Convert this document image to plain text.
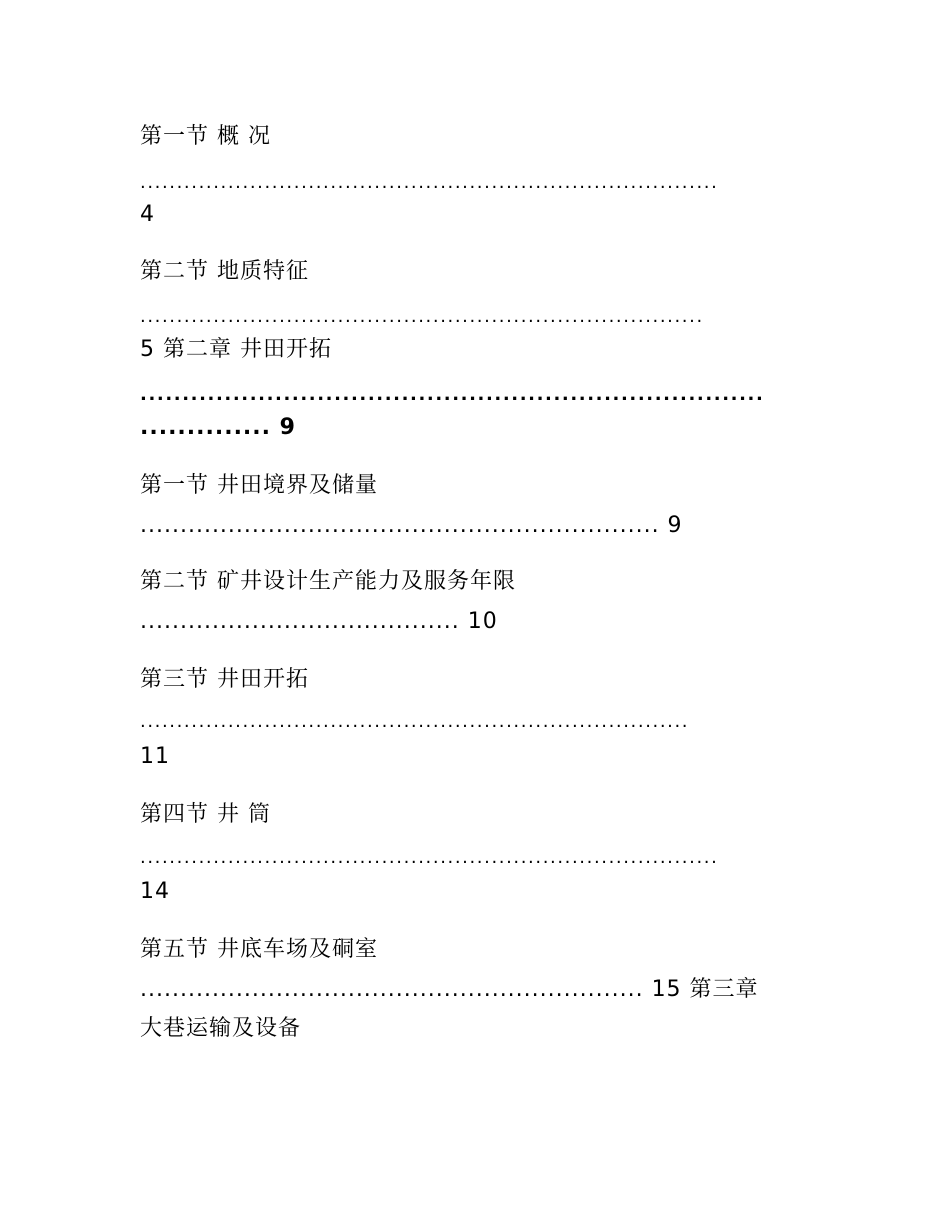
第一节 概 况
...............................................................................
4
第二节 地质特征
.............................................................................
5 第二章 井田开拓
..........................................................................
.............. 9
第一节 井田境界及储量
................................................................. 9
第二节 矿井设计生产能力及服务年限
........................................ 10
第三节 井田开拓
...........................................................................
11
第四节 井 筒
...............................................................................
14
第五节 井底车场及硐室
............................................................... 15 第三章
大巷运输及设备
